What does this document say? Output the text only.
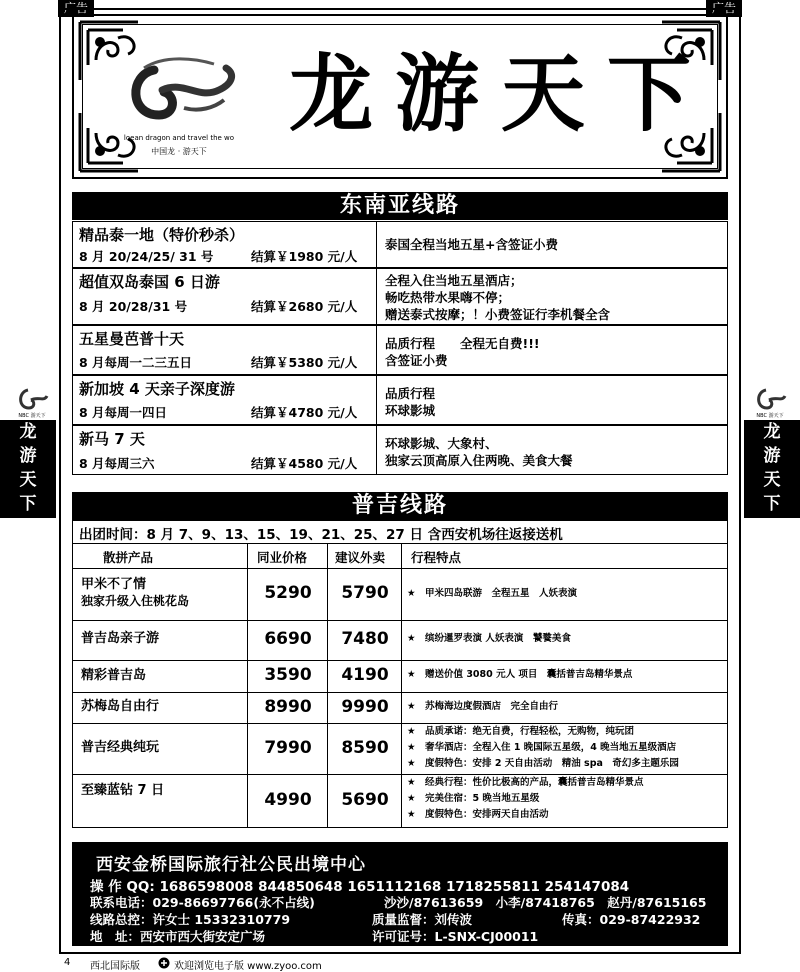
广告	广告
loean dragon and travel the wo
中国龙 · 游天下
龙游天下
NBC 游天下
龙
游
天
下
NBC 游天下
龙
游
天
下
东南亚线路
精品泰一地（特价秒杀）
8 月 20/24/25/ 31 号	结算￥1980 元/人
泰国全程当地五星+含签证小费
超值双岛泰国 6 日游
8 月 20/28/31 号	结算￥2680 元/人
全程入住当地五星酒店；
畅吃热带水果嗨不停；
赠送泰式按摩；！小费签证行李机餐全含
五星曼芭普十天
8 月每周一二三五日	结算￥5380 元/人
品质行程　　全程无自费!!!
含签证小费
新加坡 4 天亲子深度游
8 月每周一四日	结算￥4780 元/人
品质行程
环球影城
新马 7 天
8 月每周三六	结算￥4580 元/人
环球影城、大象村、
独家云顶高原入住两晚、美食大餐
普吉线路
出团时间：8 月 7、9、13、15、19、21、25、27 日 含西安机场往返接送机
散拼产品	同业价格 建议外卖 行程特点
甲米不了情
独家升级入住桃花岛	5290	5790	★　甲米四岛联游　全程五星　人妖表演
普吉岛亲子游	6690	7480	★　缤纷暹罗表演 人妖表演　饕餮美食
精彩普吉岛	3590	4190	★　赠送价值 3080 元人 项目　囊括普吉岛精华景点
苏梅岛自由行	8990	9990	★　苏梅海边度假酒店　完全自由行
普吉经典纯玩	7990	8590
★　品质承诺：绝无自费，行程轻松，无购物，纯玩团
★　奢华酒店：全程入住 1 晚国际五星级，4 晚当地五星级酒店
★　度假特色：安排 2 天自由活动　精油 spa　奇幻多主题乐园
至臻蓝钻 7 日	4990	5690
★　经典行程：性价比极高的产品，囊括普吉岛精华景点
★　完美住宿：5 晚当地五星级
★　度假特色：安排两天自由活动
西安金桥国际旅行社公民出境中心
操 作 QQ: 1686598008 844850648 1651112168 1718255811 254147084
联系电话：029-86697766(永不占线)	沙沙/87613659　小李/87418765　赵丹/87615165
线路总控：许女士 15332310779	质量监督：刘传波	传真：029-87422932
地　址：西安市西大街安定广场	许可证号：L-SNX-CJ00011
4 西北国际版	欢迎浏览电子版 www.zyoo.com
